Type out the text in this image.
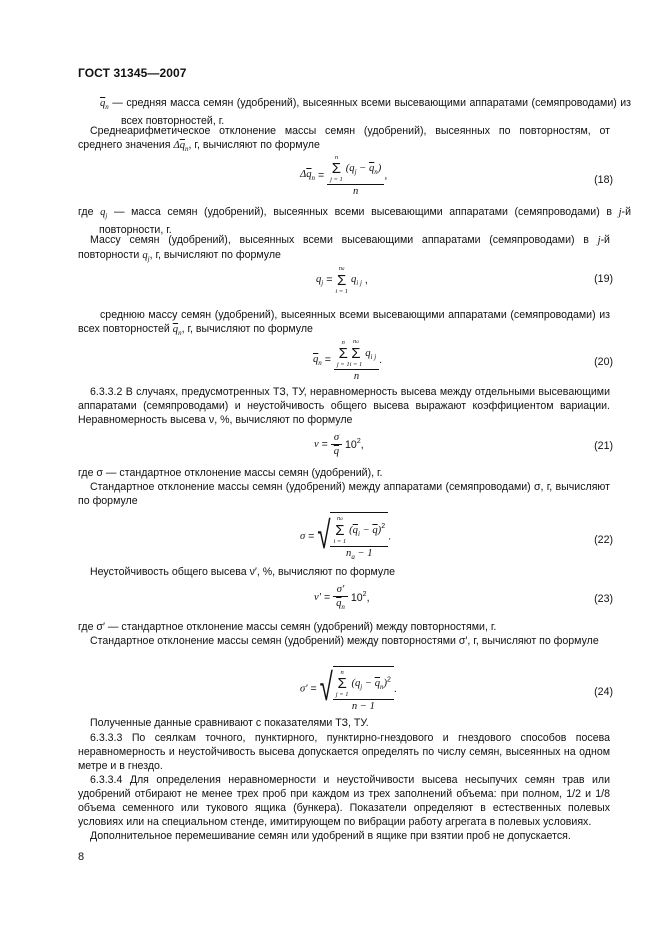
ГОСТ 31345—2007
$\overline{q}_n$ — средняя масса семян (удобрений), высеянных всеми высевающими аппаратами (семяпроводами) из всех повторностей, г.
Среднеарифметическое отклонение массы семян (удобрений), высеянных по повторностям, от среднего значения $\Delta\overline{q}_n$, г, вычисляют по формуле
$\Delta\overline{q}_n = n$
Σ
j = 1
$(q_j - \overline{q}_n)$
n ,	(18)
где $q_j$ — масса семян (удобрений), высеянных всеми высевающими аппаратами (семяпроводами) в j-й повторности, г.
Массу семян (удобрений), высеянных всеми высевающими аппаратами (семяпроводами) в j-й повторности $q_j$, г, вычисляют по формуле
$q_j$ =
nа
Σ
i = 1
$q_{i j}$ ,	(19)
среднюю массу семян (удобрений), высеянных всеми высевающими аппаратами (семяпроводами) из всех повторностей $\overline{q}_n$, г, вычисляют по формуле
$\overline{q}_n = n$
Σ
j = 1
nа
Σ
i = 1
$q_{i j}$
n .	(20)
6.3.3.2 В случаях, предусмотренных ТЗ, ТУ, неравномерность высева между отдельными высевающими аппаратами (семяпроводами) и неустойчивость общего высева выражают коэффициентом вариации. Неравномерность высева ν, %, вычисляют по формуле
$\nu = \frac{\sigma}{q} 10^2$,	(21)
где σ — стандартное отклонение массы семян (удобрений), г.
Стандартное отклонение массы семян (удобрений) между аппаратами (семяпроводами) σ, г, вычисляют по формуле
σ = √ nа
Σ
i = 1
$(\overline{q}_i - \overline{q})^2$
$n_а - 1$ .	(22)
Неустойчивость общего высева ν′, %, вычисляют по формуле
$\nu' = \frac{\sigma'}{\overline{q}_n} 10^2$,	(23)
где σ′ — стандартное отклонение массы семян (удобрений) между повторностями, г.
Стандартное отклонение массы семян (удобрений) между повторностями σ′, г, вычисляют по формуле
σ′ = √ n
Σ
j = 1
$(q_j - \overline{q}_n)^2$
n − 1 .	(24)
Полученные данные сравнивают с показателями ТЗ, ТУ.
6.3.3.3 По сеялкам точного, пунктирного, пунктирно-гнездового и гнездового способов посева неравномерность и неустойчивость высева допускается определять по числу семян, высеянных на одном метре и в гнездо.
6.3.3.4 Для определения неравномерности и неустойчивости высева несыпучих семян трав или удобрений отбирают не менее трех проб при каждом из трех заполнений объема: при полном, 1/2 и 1/8 объема семенного или тукового ящика (бункера). Показатели определяют в естественных полевых условиях или на специальном стенде, имитирующем по вибрации работу агрегата в полевых условиях.
Дополнительное перемешивание семян или удобрений в ящике при взятии проб не допускается.
8
